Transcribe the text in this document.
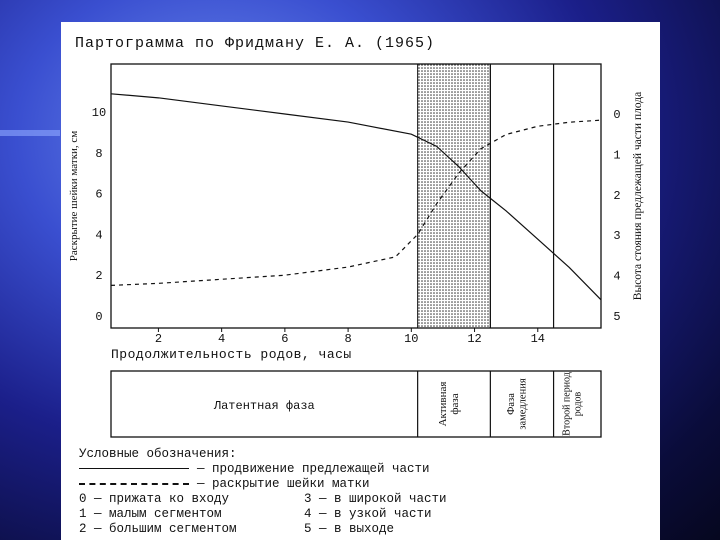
Партограмма по Фридману Е. А. (1965)
2	4	6	8	10	12	14
0
2
4
6
8
10	0
1
2
3
4
5
Продолжительность родов, часы
Раскрытие шейки матки, см	Высота стояния предлежащей части плода
Латентная фаза	Активнаяфаза	Фазазамедления	Второй периодродов
Условные обозначения:
— продвижение предлежащей части
— раскрытие шейки матки
0 — прижата ко входу	3 — в широкой части
1 — малым сегментом	4 — в узкой части
2 — большим сегментом	5 — в выходе
